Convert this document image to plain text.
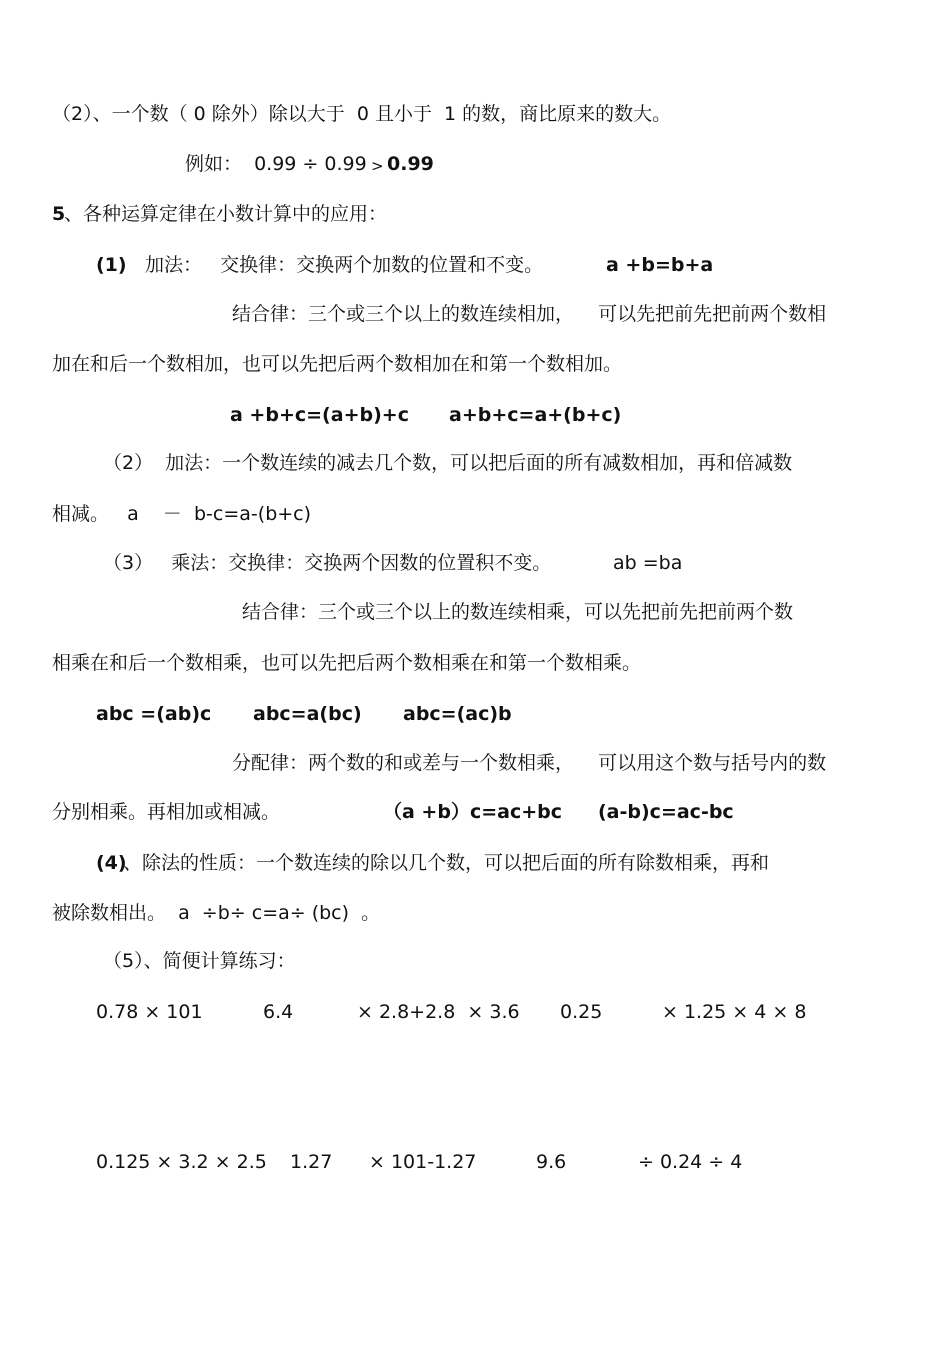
（2）、一个数（ 0 除外）除以大于  0 且小于  1 的数，商比原来的数大。
例如：  0.99 ÷ 0.99
> 0.99
5
、各种运算定律在小数计算中的应用：
(1) 加法：   交换律：交换两个加数的位置和不变。	a +b=b+a
结合律：三个或三个以上的数连续相加，    可以先把前先把前两个数相
加在和后一个数相加，也可以先把后两个数相加在和第一个数相加。
a +b+c=(a+b)+c a+b+c=a+(b+c)
（2）  加法：一个数连续的减去几个数，可以把后面的所有减数相加，再和倍减数
相减。   a    －  b-c=a-(b+c)
（3）   乘法：交换律：交换两个因数的位置积不变。	ab =ba
结合律：三个或三个以上的数连续相乘，可以先把前先把前两个数
相乘在和后一个数相乘，也可以先把后两个数相乘在和第一个数相乘。
abc =(ab)c abc=a(bc) abc=(ac)b
分配律：两个数的和或差与一个数相乘，    可以用这个数与括号内的数
分别相乘。再相加或相减。	（a +b）c=ac+bc (a-b)c=ac-bc
(4)
、除法的性质：一个数连续的除以几个数，可以把后面的所有除数相乘，再和
被除数相出。  a  ÷b÷ c=a÷ (bc)  。
（5）、简便计算练习：
0.78 × 101	6.4	× 2.8+2.8  × 3.6 0.25	× 1.25 × 4 × 8
0.125 × 3.2 × 2.5 1.27 × 101-1.27	9.6	÷ 0.24 ÷ 4
